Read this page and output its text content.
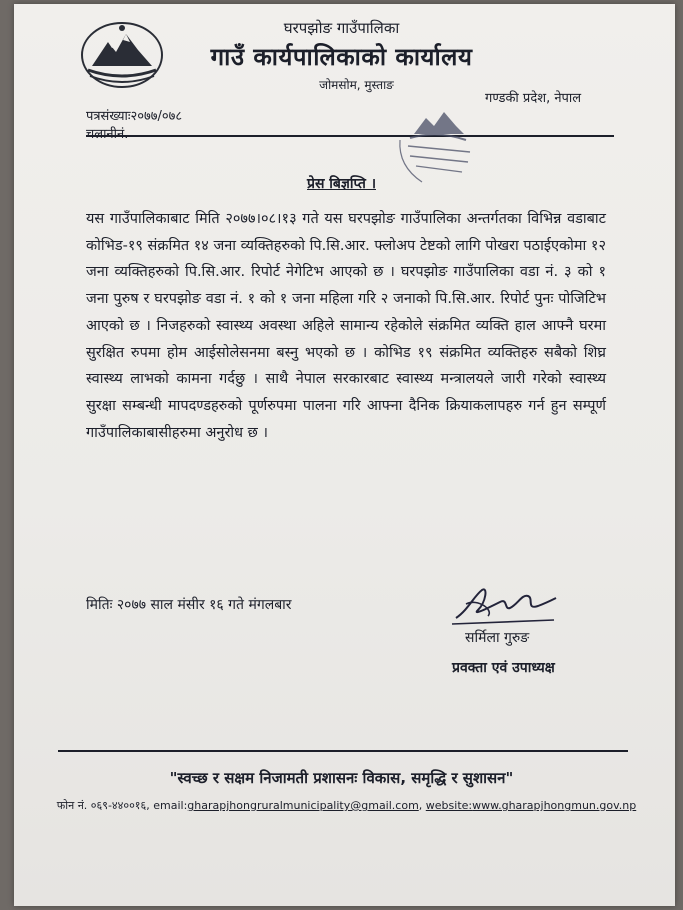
घरपझोङ गाउँपालिका
गाउँ कार्यपालिकाको कार्यालय
जोमसोम, मुस्ताङ
गण्डकी प्रदेश, नेपाल
पत्रसंख्याः२०७७/०७८
चलानीनं.
प्रेस बिज्ञप्ति ।
यस गाउँपालिकाबाट मिति २०७७।०८।१३ गते यस घरपझोङ गाउँपालिका अन्तर्गतका विभिन्न वडाबाट कोभिड-१९ संक्रमित १४ जना व्यक्तिहरुको पि.सि.आर. फ्लोअप टेष्टको लागि पोखरा पठाईएकोमा १२ जना व्यक्तिहरुको पि.सि.आर. रिपोर्ट नेगेटिभ आएको छ । घरपझोङ गाउँपालिका वडा नं. ३ को १ जना पुरुष र घरपझोङ वडा नं. १ को १ जना महिला गरि २ जनाको पि.सि.आर. रिपोर्ट पुनः पोजिटिभ आएको छ । निजहरुको स्वास्थ्य अवस्था अहिले सामान्य रहेकोले संक्रमित व्यक्ति हाल आफ्नै घरमा सुरक्षित रुपमा होम आईसोलेसनमा बस्नु भएको छ । कोभिड १९ संक्रमित व्यक्तिहरु सबैको शिघ्र स्वास्थ्य लाभको कामना गर्दछु । साथै नेपाल सरकारबाट स्वास्थ्य मन्त्रालयले जारी गरेको स्वास्थ्य सुरक्षा सम्बन्धी मापदण्डहरुको पूर्णरुपमा पालना गरि आफ्ना दैनिक क्रियाकलापहरु गर्न हुन सम्पूर्ण गाउँपालिकाबासीहरुमा अनुरोध छ ।
मितिः २०७७ साल मंसीर १६ गते मंगलबार
सर्मिला गुरुङ
प्रवक्ता एवं उपाध्यक्ष
"स्वच्छ र सक्षम निजामती प्रशासनः विकास, समृद्धि र सुशासन"
फोन नं. ०६९-४४००१६, email:gharapjhongruralmunicipality@gmail.com, website:www.gharapjhongmun.gov.np
